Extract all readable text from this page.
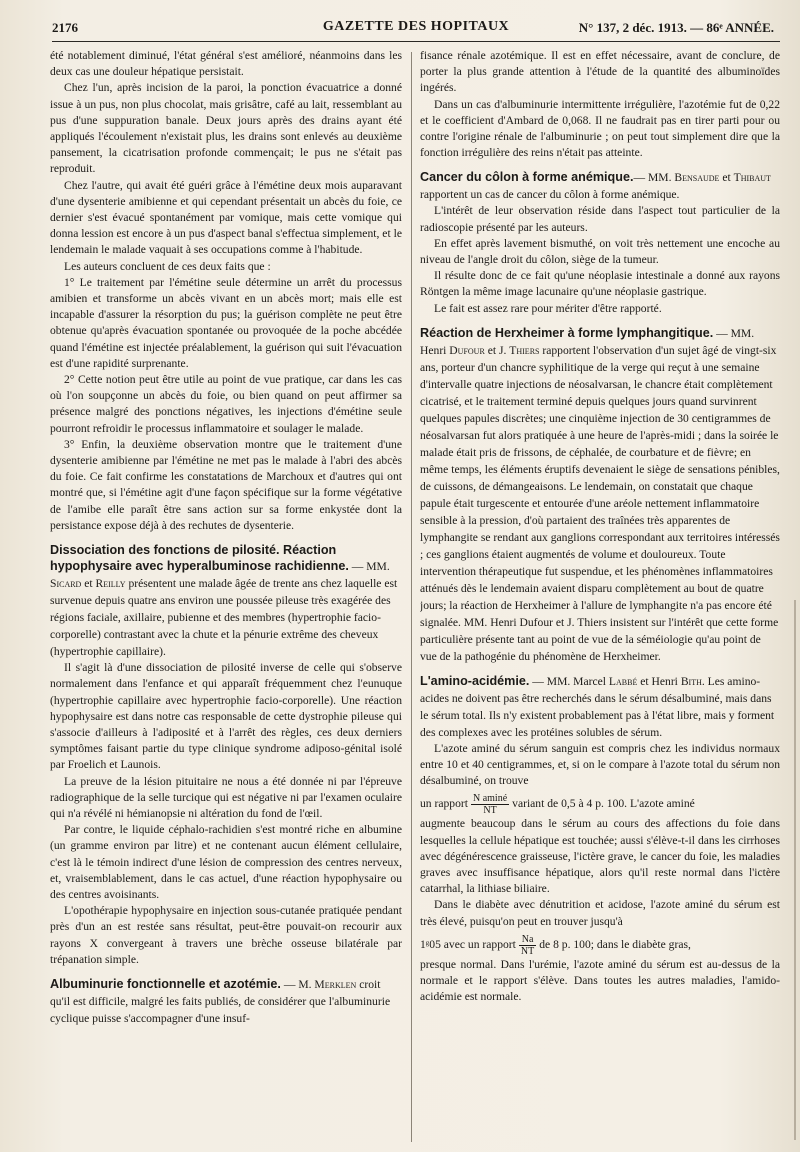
2176	GAZETTE DES HOPITAUX	N° 137, 2 déc. 1913. — 86ᵉ ANNÉE.

été notablement diminué, l'état général s'est amélioré, néanmoins dans les deux cas une douleur hépatique persistait.

Chez l'un, après incision de la paroi, la ponction évacuatrice a donné issue à un pus, non plus chocolat, mais grisâtre, café au lait, ressemblant au pus d'une suppuration banale. Deux jours après des drains ayant été appliqués l'écoulement n'existait plus, les drains sont enlevés au deuxième pansement, la cicatrisation profonde commençait; le pus ne s'était pas reproduit.

Chez l'autre, qui avait été guéri grâce à l'émétine deux mois auparavant d'une dysenterie amibienne et qui cependant présentait un abcès du foie, ce dernier s'est évacué spontanément par vomique, mais cette vomique qui donna lession est encore à un pus d'aspect banal s'effectua simplement, et le lendemain le malade vaquait à ses occupations comme à l'habitude.

Les auteurs concluent de ces deux faits que :

1° Le traitement par l'émétine seule détermine un arrêt du processus amibien et transforme un abcès vivant en un abcès mort; mais elle est incapable d'assurer la résorption du pus; la guérison complète ne peut être obtenue qu'après évacuation spontanée ou provoquée de la poche abcédée quand l'émétine est injectée préalablement, la guérison qui suit l'évacuation est d'une rapidité surprenante.

2° Cette notion peut être utile au point de vue pratique, car dans les cas où l'on soupçonne un abcès du foie, ou bien quand on peut affirmer sa présence malgré des ponctions négatives, les injections d'émétine seule pourront refroidir le processus inflammatoire et soulager le malade.

3° Enfin, la deuxième observation montre que le traitement d'une dysenterie amibienne par l'émétine ne met pas le malade à l'abri des abcès du foie. Ce fait confirme les constatations de Marchoux et d'autres qui ont montré que, si l'émétine agit d'une façon spécifique sur la forme végétative de l'amibe elle paraît être sans action sur sa forme enkystée dont la persistance expose déjà à des rechutes de dysenterie.

Dissociation des fonctions de pilosité. Réaction hypophysaire avec hyperalbuminose rachidienne. — MM. Sicard et Reilly présentent une malade âgée de trente ans chez laquelle est survenue depuis quatre ans environ une poussée pileuse très exagérée des régions faciale, axillaire, pubienne et des membres (hypertrophie facio-corporelle) contrastant avec la chute et la pénurie extrême des cheveux (hypertrophie capillaire).

Il s'agit là d'une dissociation de pilosité inverse de celle qui s'observe normalement dans l'enfance et qui apparaît fréquemment chez l'eunuque (hypertrophie capillaire avec hypertrophie facio-corporelle). Une réaction hypophysaire est dans notre cas responsable de cette dystrophie pileuse qui s'associe d'ailleurs à l'adiposité et à l'arrêt des règles, ces deux derniers symptômes faisant partie du type clinique syndrome adiposo-génital isolé par Froelich et Launois.

La preuve de la lésion pituitaire ne nous a été donnée ni par l'épreuve radiographique de la selle turcique qui est négative ni par l'examen oculaire qui n'a révélé ni hémianopsie ni altération du fond de l'œil.

Par contre, le liquide céphalo-rachidien s'est montré riche en albumine (un gramme environ par litre) et ne contenant aucun élément cellulaire, c'est là le témoin indirect d'une lésion de compression des centres nerveux, et, vraisemblablement, dans le cas actuel, d'une réaction hypophysaire ou des centres avoisinants.

L'opothérapie hypophysaire en injection sous-cutanée pratiquée pendant près d'un an est restée sans résultat, peut-être pouvait-on recourir aux rayons X convergeant à travers une brèche osseuse bilatérale par trépanation simple.

Albuminurie fonctionnelle et azotémie. — M. Merklen croit qu'il est difficile, malgré les faits publiés, de considérer que l'albuminurie cyclique puisse s'accompagner d'une insuf-

fisance rénale azotémique. Il est en effet nécessaire, avant de conclure, de porter la plus grande attention à l'étude de la quantité des albuminoïdes ingérés.

Dans un cas d'albuminurie intermittente irrégulière, l'azotémie fut de 0,22 et le coefficient d'Ambard de 0,068. Il ne faudrait pas en tirer parti pour ou contre l'origine rénale de l'albuminurie ; on peut tout simplement dire que la fonction irrégulière des reins n'était pas atteinte.

Cancer du côlon à forme anémique.— MM. Bensaude et Thibaut rapportent un cas de cancer du côlon à forme anémique.

L'intérêt de leur observation réside dans l'aspect tout particulier de la radioscopie présenté par les auteurs.

En effet après lavement bismuthé, on voit très nettement une encoche au niveau de l'angle droit du côlon, siège de la tumeur.

Il résulte donc de ce fait qu'une néoplasie intestinale a donné aux rayons Röntgen la même image lacunaire qu'une néoplasie gastrique.

Le fait est assez rare pour mériter d'être rapporté.

Réaction de Herxheimer à forme lymphangitique. — MM. Henri Dufour et J. Thiers rapportent l'observation d'un sujet âgé de vingt-six ans, porteur d'un chancre syphilitique de la verge qui reçut à une semaine d'intervalle quatre injections de néosalvarsan, le chancre était complètement cicatrisé, et le traitement terminé depuis quelques jours quand survinrent quelques papules discrètes; une cinquième injection de 30 centigrammes de néosalvarsan fut alors pratiquée à une heure de l'après-midi ; dans la soirée le malade était pris de frissons, de céphalée, de courbature et de fièvre; en même temps, les éléments éruptifs devenaient le siège de sensations pénibles, de cuissons, de démangeaisons. Le lendemain, on constatait que chaque papule était turgescente et entourée d'une aréole nettement inflammatoire sensible à la pression, d'où partaient des traînées très apparentes de lymphangite se rendant aux ganglions correspondant aux territoires intéressés ; ces ganglions étaient augmentés de volume et douloureux. Toute intervention thérapeutique fut suspendue, et les phénomènes inflammatoires atténués dès le lendemain avaient disparu complètement au bout de quatre jours; la réaction de Herxheimer à l'allure de lymphangite n'a pas encore été signalée. MM. Henri Dufour et J. Thiers insistent sur l'intérêt que cette forme particulière présente tant au point de vue de la séméiologie qu'au point de vue de la pathogénie du phénomène de Herxheimer.
L'amino-acidémie. — MM. Marcel Labbé et Henri Bith. Les amino-acides ne doivent pas être recherchés dans le sérum désalbuminé, mais dans le sérum total. Ils n'y existent probablement pas à l'état libre, mais y forment des complexes avec les protéines solubles de sérum.

L'azote aminé du sérum sanguin est compris chez les individus normaux entre 10 et 40 centigrammes, et, si on le compare à l'azote total du sérum non désalbuminé, on trouve

un rapport $\frac{\text{N aminé}}{NT}$ variant de 0,5 à 4 p. 100. L'azote aminé

augmente beaucoup dans le sérum au cours des affections du foie dans lesquelles la cellule hépatique est touchée; aussi s'élève-t-il dans les cirrhoses avec dégénérescence graisseuse, l'ictère grave, le cancer du foie, les maladies graves avec insuffisance hépatique, alors qu'il reste normal dans l'ictère catarrhal, la lithiase biliaire.

Dans le diabète avec dénutrition et acidose, l'azote aminé du sérum est très élevé, puisqu'on peut en trouver jusqu'à

1ᵍ05 avec un rapport $\frac{Na}{NT}$ de 8 p. 100; dans le diabète gras,

presque normal. Dans l'urémie, l'azote aminé du sérum est au-dessus de la normale et le rapport s'élève. Dans toutes les autres maladies, l'amido-acidémie est normale.
